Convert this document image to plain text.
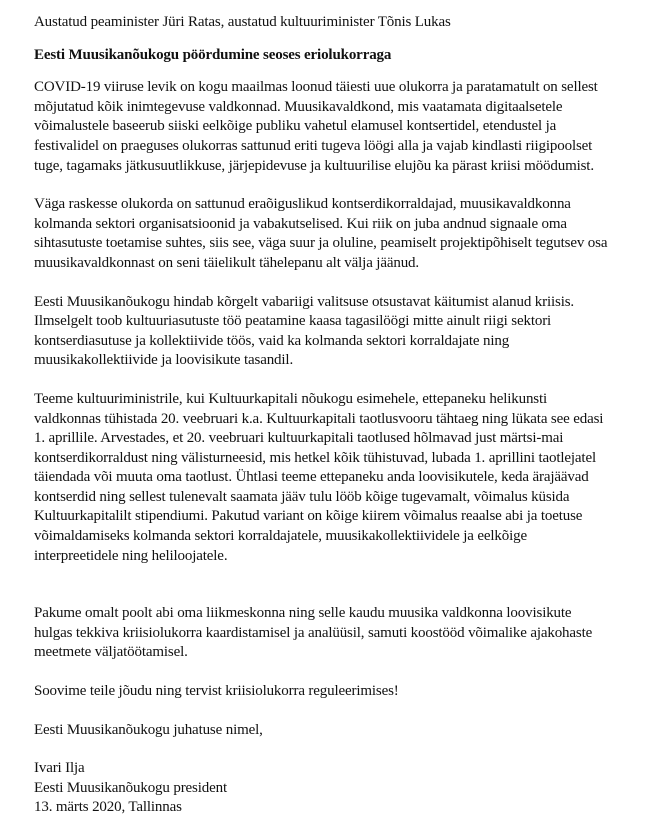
Austatud peaminister Jüri Ratas, austatud kultuuriminister Tõnis Lukas

Eesti Muusikanõukogu pöördumine seoses eriolukorraga

COVID-19 viiruse levik on kogu maailmas loonud täiesti uue olukorra ja paratamatult on sellest
mõjutatud kõik inimtegevuse valdkonnad. Muusikavaldkond, mis vaatamata digitaalsetele
võimalustele baseerub siiski eelkõige publiku vahetul elamusel kontsertidel, etendustel ja
festivalidel on praeguses olukorras sattunud eriti tugeva löögi alla ja vajab kindlasti riigipoolset
tuge, tagamaks jätkusuutlikkuse, järjepidevuse ja kultuurilise elujõu ka pärast kriisi möödumist.

Väga raskesse olukorda on sattunud eraõiguslikud kontserdikorraldajad, muusikavaldkonna
kolmanda sektori organisatsioonid ja vabakutselised. Kui riik on juba andnud signaale oma
sihtasutuste toetamise suhtes, siis see, väga suur ja oluline, peamiselt projektipõhiselt tegutsev osa
muusikavaldkonnast on seni täielikult tähelepanu alt välja jäänud.

Eesti Muusikanõukogu hindab kõrgelt vabariigi valitsuse otsustavat käitumist alanud kriisis.
Ilmselgelt toob kultuuriasutuste töö peatamine kaasa tagasilöögi mitte ainult riigi sektori
kontserdiasutuse ja kollektiivide töös, vaid ka kolmanda sektori korraldajate ning
muusikakollektiivide ja loovisikute tasandil.

Teeme kultuuriministrile, kui Kultuurkapitali nõukogu esimehele, ettepaneku helikunsti
valdkonnas tühistada 20. veebruari k.a. Kultuurkapitali taotlusvooru tähtaeg ning lükata see edasi
1. aprillile. Arvestades, et 20. veebruari kultuurkapitali taotlused hõlmavad just märtsi-mai
kontserdikorraldust ning välisturneesid, mis hetkel kõik tühistuvad, lubada 1. aprillini taotlejatel
täiendada või muuta oma taotlust. Ühtlasi teeme ettepaneku anda loovisikutele, keda ärajäävad
kontserdid ning sellest tulenevalt saamata jääv tulu lööb kõige tugevamalt, võimalus küsida
Kultuurkapitalilt stipendiumi. Pakutud variant on kõige kiirem võimalus reaalse abi ja toetuse
võimaldamiseks kolmanda sektori korraldajatele, muusikakollektiividele ja eelkõige
interpreetidele ning heliloojatele.

Pakume omalt poolt abi oma liikmeskonna ning selle kaudu muusika valdkonna loovisikute
hulgas tekkiva kriisiolukorra kaardistamisel ja analüüsil, samuti koostööd võimalike ajakohaste
meetmete väljatöötamisel.

Soovime teile jõudu ning tervist kriisiolukorra reguleerimises!

Eesti Muusikanõukogu juhatuse nimel,

Ivari Ilja

Eesti Muusikanõukogu president

13. märts 2020, Tallinnas
